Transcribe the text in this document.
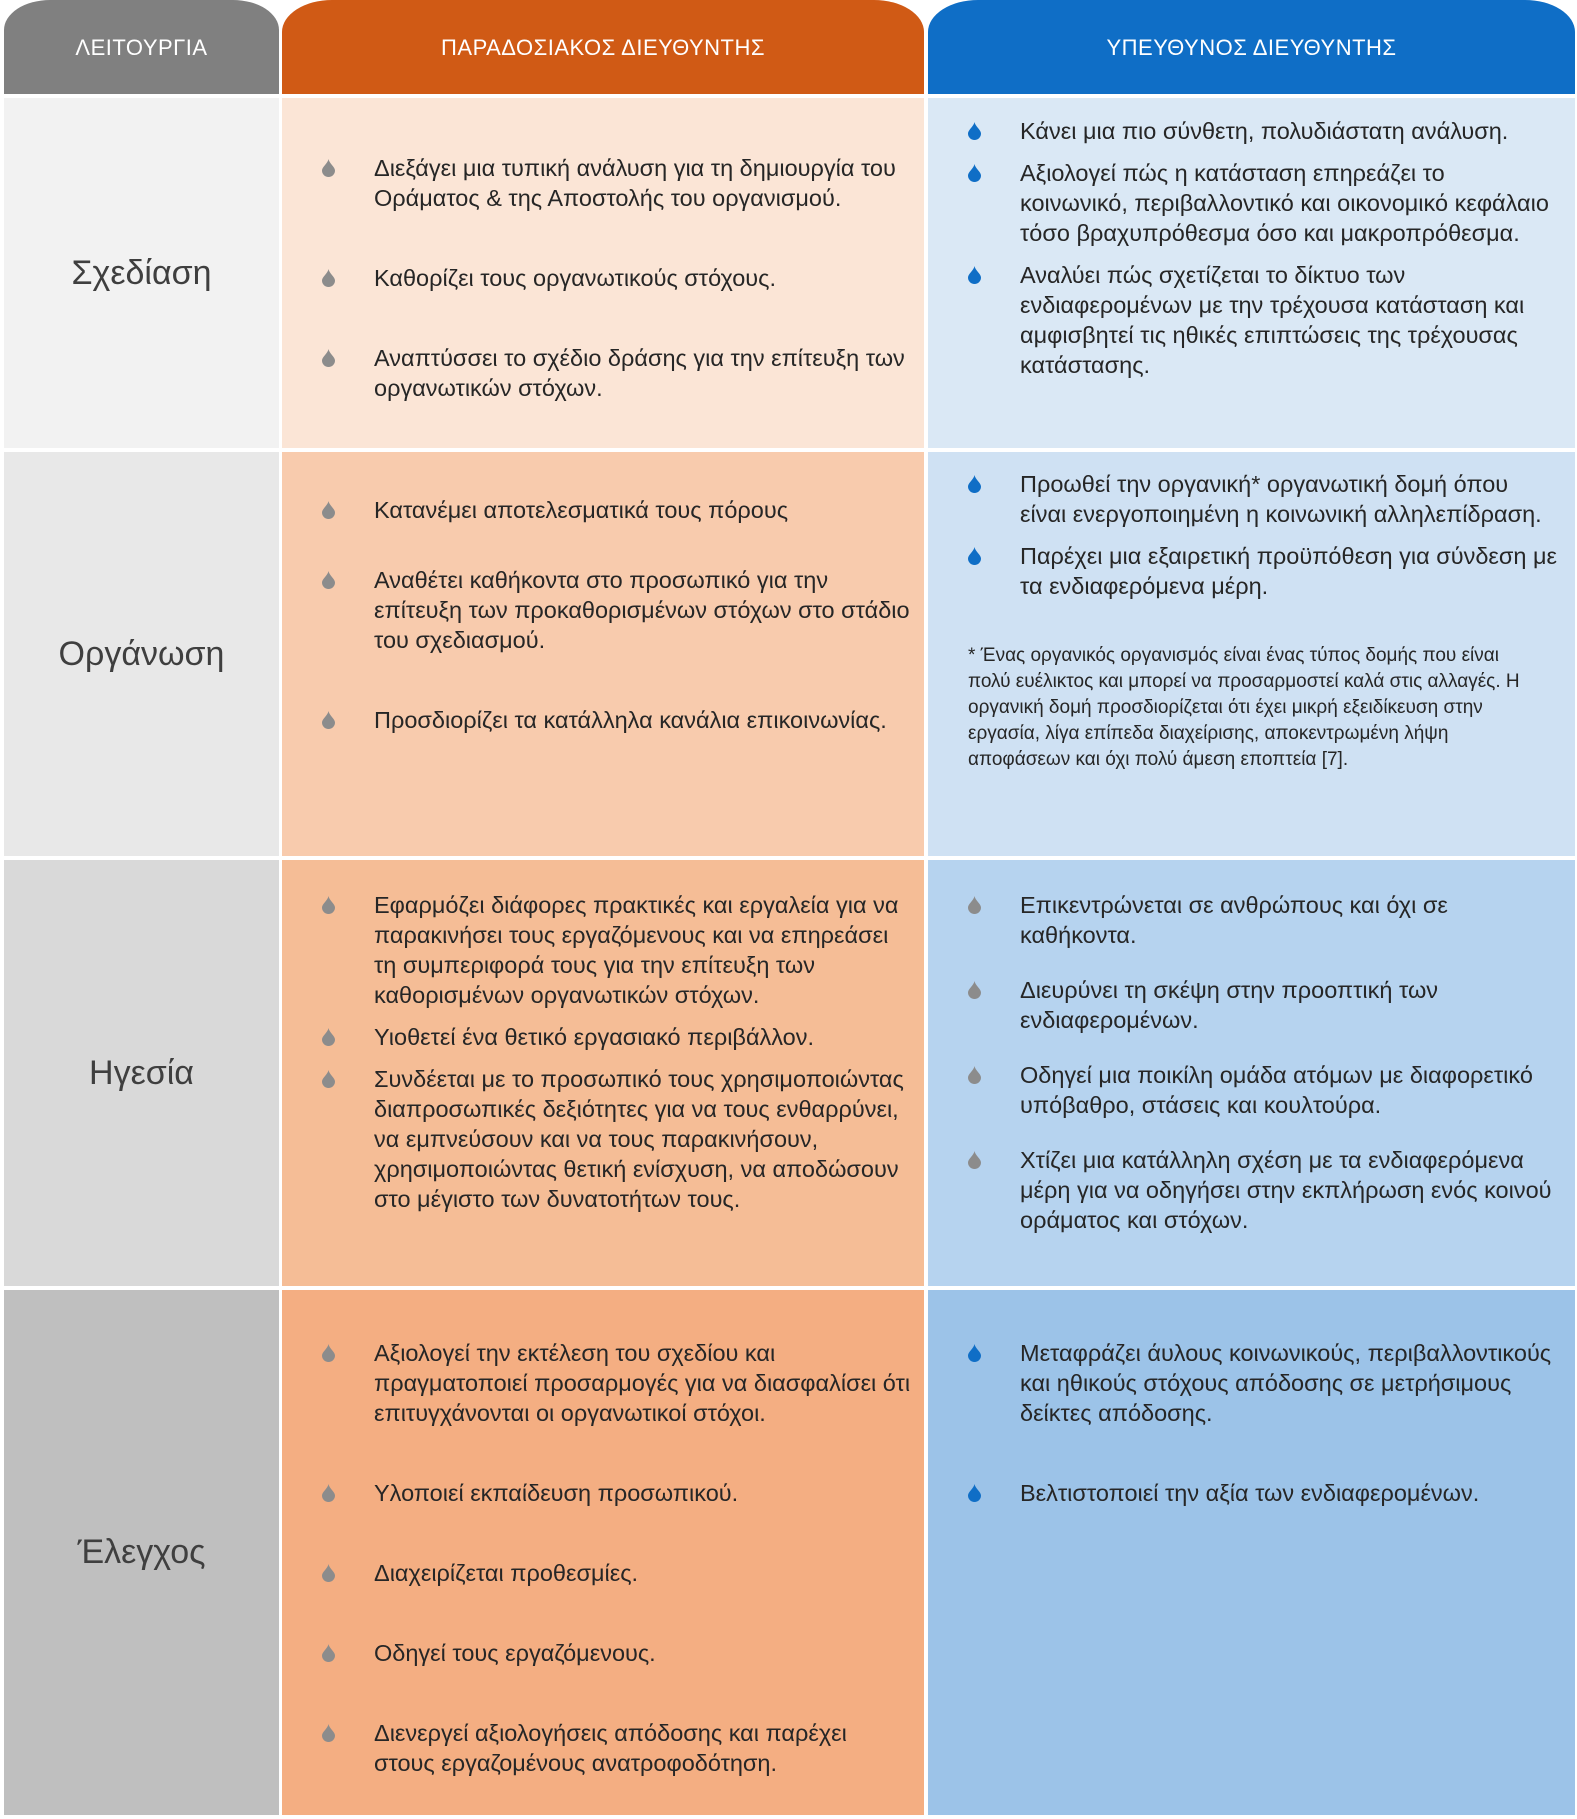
ΛΕΙΤΟΥΡΓΙΑ	ΠΑΡΑΔΟΣΙΑΚΟΣ ΔΙΕΥΘΥΝΤΗΣ	ΥΠΕΥΘΥΝΟΣ ΔΙΕΥΘΥΝΤΗΣ
Σχεδίαση
Διεξάγει μια τυπική ανάλυση για τη δημιουργία του Οράματος & της Αποστολής του οργανισμού.
Καθορίζει τους οργανωτικούς στόχους.
Αναπτύσσει το σχέδιο δράσης για την επίτευξη των οργανωτικών στόχων.
Κάνει μια πιο σύνθετη, πολυδιάστατη ανάλυση.
Αξιολογεί πώς η κατάσταση επηρεάζει το κοινωνικό, περιβαλλοντικό και οικονομικό κεφάλαιο τόσο βραχυπρόθεσμα όσο και μακροπρόθεσμα.
Αναλύει πώς σχετίζεται το δίκτυο των ενδιαφερομένων με την τρέχουσα κατάσταση και αμφισβητεί τις ηθικές επιπτώσεις της τρέχουσας κατάστασης.
Οργάνωση
Κατανέμει αποτελεσματικά τους πόρους
Αναθέτει καθήκοντα στο προσωπικό για την επίτευξη των προκαθορισμένων στόχων στο στάδιο του σχεδιασμού.
Προσδιορίζει τα κατάλληλα κανάλια επικοινωνίας.
Προωθεί την οργανική* οργανωτική δομή όπου είναι ενεργοποιημένη η κοινωνική αλληλεπίδραση.
Παρέχει μια εξαιρετική προϋπόθεση για σύνδεση με τα ενδιαφερόμενα μέρη.

* Ένας οργανικός οργανισμός είναι ένας τύπος δομής που είναι πολύ ευέλικτος και μπορεί να προσαρμοστεί καλά στις αλλαγές. Η οργανική δομή προσδιορίζεται ότι έχει μικρή εξειδίκευση στην εργασία, λίγα επίπεδα διαχείρισης, αποκεντρωμένη λήψη αποφάσεων και όχι πολύ άμεση εποπτεία [7].

Ηγεσία
Εφαρμόζει διάφορες πρακτικές και εργαλεία για να παρακινήσει τους εργαζόμενους και να επηρεάσει τη συμπεριφορά τους για την επίτευξη των καθορισμένων οργανωτικών στόχων.
Υιοθετεί ένα θετικό εργασιακό περιβάλλον.
Συνδέεται με το προσωπικό τους χρησιμοποιώντας διαπροσωπικές δεξιότητες για να τους ενθαρρύνει, να εμπνεύσουν και να τους παρακινήσουν, χρησιμοποιώντας θετική ενίσχυση, να αποδώσουν στο μέγιστο των δυνατοτήτων τους.
Επικεντρώνεται σε ανθρώπους και όχι σε καθήκοντα.
Διευρύνει τη σκέψη στην προοπτική των ενδιαφερομένων.
Οδηγεί μια ποικίλη ομάδα ατόμων με διαφορετικό υπόβαθρο, στάσεις και κουλτούρα.
Χτίζει μια κατάλληλη σχέση με τα ενδιαφερόμενα μέρη για να οδηγήσει στην εκπλήρωση ενός κοινού οράματος και στόχων.
Έλεγχος
Αξιολογεί την εκτέλεση του σχεδίου και πραγματοποιεί προσαρμογές για να διασφαλίσει ότι επιτυγχάνονται οι οργανωτικοί στόχοι.
Υλοποιεί εκπαίδευση προσωπικού.
Διαχειρίζεται προθεσμίες.
Οδηγεί τους εργαζόμενους.
Διενεργεί αξιολογήσεις απόδοσης και παρέχει στους εργαζομένους ανατροφοδότηση.
Μεταφράζει άυλους κοινωνικούς, περιβαλλοντικούς και ηθικούς στόχους απόδοσης σε μετρήσιμους δείκτες απόδοσης.
Βελτιστοποιεί την αξία των ενδιαφερομένων.
